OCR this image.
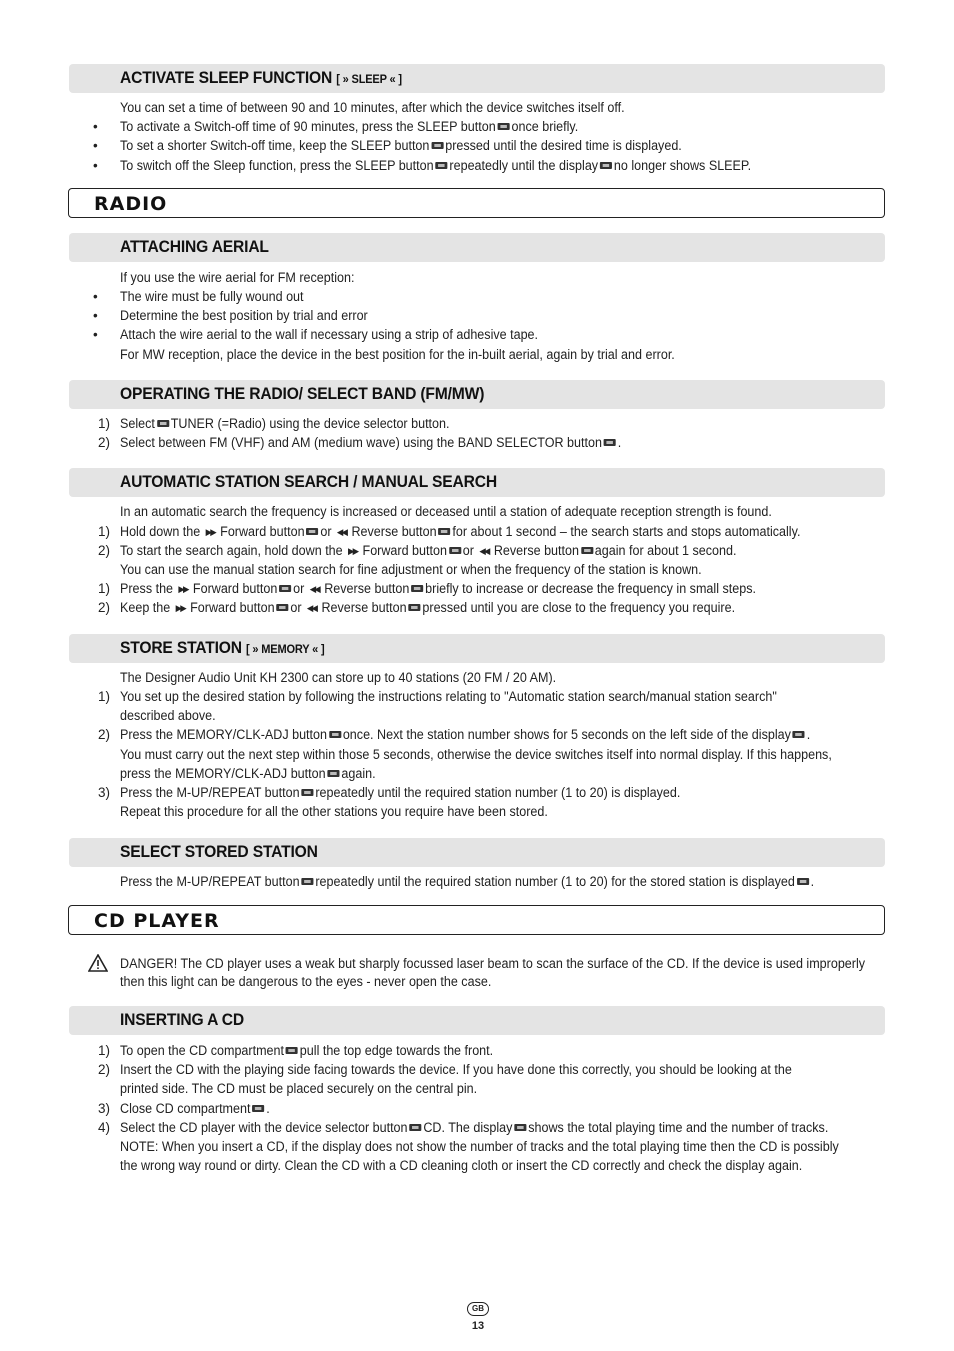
ACTIVATE SLEEP FUNCTION [ » SLEEP « ]
You can set a time of between 90 and 10 minutes, after which the device switches itself off.
• To activate a Switch-off time of 90 minutes, press the SLEEP button once briefly.
• To set a shorter Switch-off time, keep the SLEEP button pressed until the desired time is displayed.
• To switch off the Sleep function, press the SLEEP button repeatedly until the display no longer shows SLEEP.
RADIO
ATTACHING AERIAL
If you use the wire aerial for FM reception:
• The wire must be fully wound out
• Determine the best position by trial and error
• Attach the wire aerial to the wall if necessary using a strip of adhesive tape.
For MW reception, place the device in the best position for the in-built aerial, again by trial and error.
OPERATING THE RADIO/ SELECT BAND (FM/MW)
1) Select TUNER (=Radio) using the device selector button.
2) Select between FM (VHF) and AM (medium wave) using the BAND SELECTOR button .
AUTOMATIC STATION SEARCH / MANUAL SEARCH
In an automatic search the frequency is increased or deceased until a station of adequate reception strength is found.
1) Hold down the ▶▶ Forward button or ◀◀ Reverse button for about 1 second – the search starts and stops automatically.
2) To start the search again, hold down the ▶▶ Forward button or ◀◀ Reverse button again for about 1 second.
You can use the manual station search for fine adjustment or when the frequency of the station is known.
1) Press the ▶▶ Forward button or ◀◀ Reverse button briefly to increase or decrease the frequency in small steps.
2) Keep the ▶▶ Forward button or ◀◀ Reverse button pressed until you are close to the frequency you require.
STORE STATION [ » MEMORY « ]
The Designer Audio Unit KH 2300 can store up to 40 stations (20 FM / 20 AM).
1) You set up the desired station by following the instructions relating to "Automatic station search/manual station search"
described above.
2) Press the MEMORY/CLK-ADJ button once. Next the station number shows for 5 seconds on the left side of the display .
You must carry out the next step within those 5 seconds, otherwise the device switches itself into normal display. If this happens,
press the MEMORY/CLK-ADJ button again.
3) Press the M-UP/REPEAT button repeatedly until the required station number (1 to 20) is displayed.
Repeat this procedure for all the other stations you require have been stored.
SELECT STORED STATION
Press the M-UP/REPEAT button repeatedly until the required station number (1 to 20) for the stored station is displayed .
CD PLAYER
DANGER! The CD player uses a weak but sharply focussed laser beam to scan the surface of the CD. If the device is used improperly
then this light can be dangerous to the eyes - never open the case.
INSERTING A CD
1) To open the CD compartment pull the top edge towards the front.
2) Insert the CD with the playing side facing towards the device. If you have done this correctly, you should be looking at the
printed side. The CD must be placed securely on the central pin.
3) Close CD compartment .
4) Select the CD player with the device selector button CD. The display shows the total playing time and the number of tracks.
NOTE: When you insert a CD, if the display does not show the number of tracks and the total playing time then the CD is possibly
the wrong way round or dirty. Clean the CD with a CD cleaning cloth or insert the CD correctly and check the display again.
GB
13
